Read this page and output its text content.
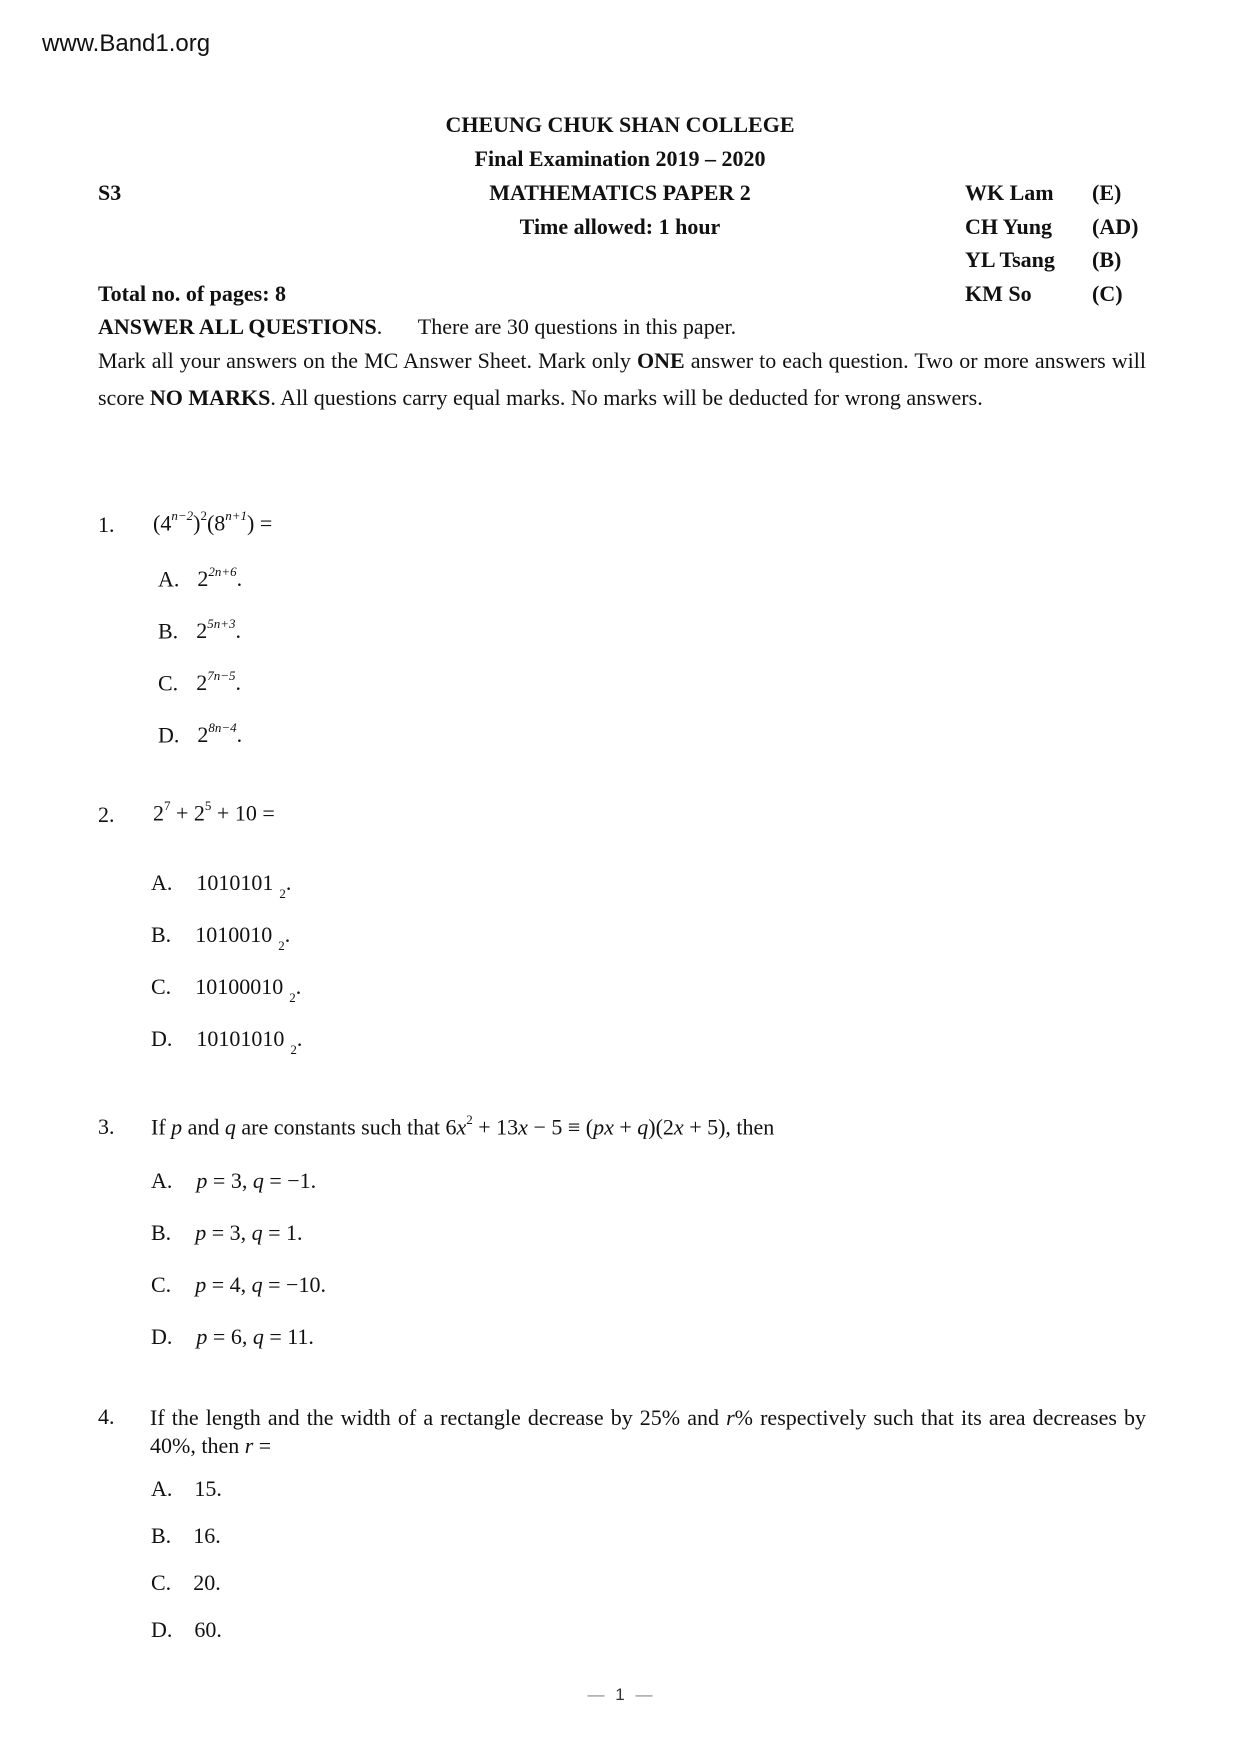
www.Band1.org
CHEUNG CHUK SHAN COLLEGE
Final Examination 2019 – 2020
S3	MATHEMATICS PAPER 2
Time allowed: 1 hour
Total no. of pages: 8
WK Lam (E)
CH Yung (AD)
YL Tsang (B)
KM So	(C)
ANSWER ALL QUESTIONS. There are 30 questions in this paper.
Mark all your answers on the MC Answer Sheet. Mark only ONE answer to each question. Two or more answers will score NO MARKS. All questions carry equal marks. No marks will be deducted for wrong answers.
1. $(4^{n-2})^2(8^{n+1})$ =
A. $2^{2n+6}$.
B. $2^{5n+3}$.
C. $2^{7n-5}$.
D. $2^{8n-4}$.
2. $2^7 + 2^5 + 10$ =
A. 1010101 $_2$.
B. 1010010 $_2$.
C. 10100010 $_2$.
D. 10101010 $_2$.
3. If p and q are constants such that $6x^2 + 13x - 5 \equiv (px + q)(2x + 5)$, then
A. p = 3, q = −1.
B. p = 3, q = 1.
C. p = 4, q = −10.
D. p = 6, q = 11.
4. If the length and the width of a rectangle decrease by 25% and r% respectively such that its area decreases by 40%, then r =
A. 15.
B. 16.
C. 20.
D. 60.
— 1 —
